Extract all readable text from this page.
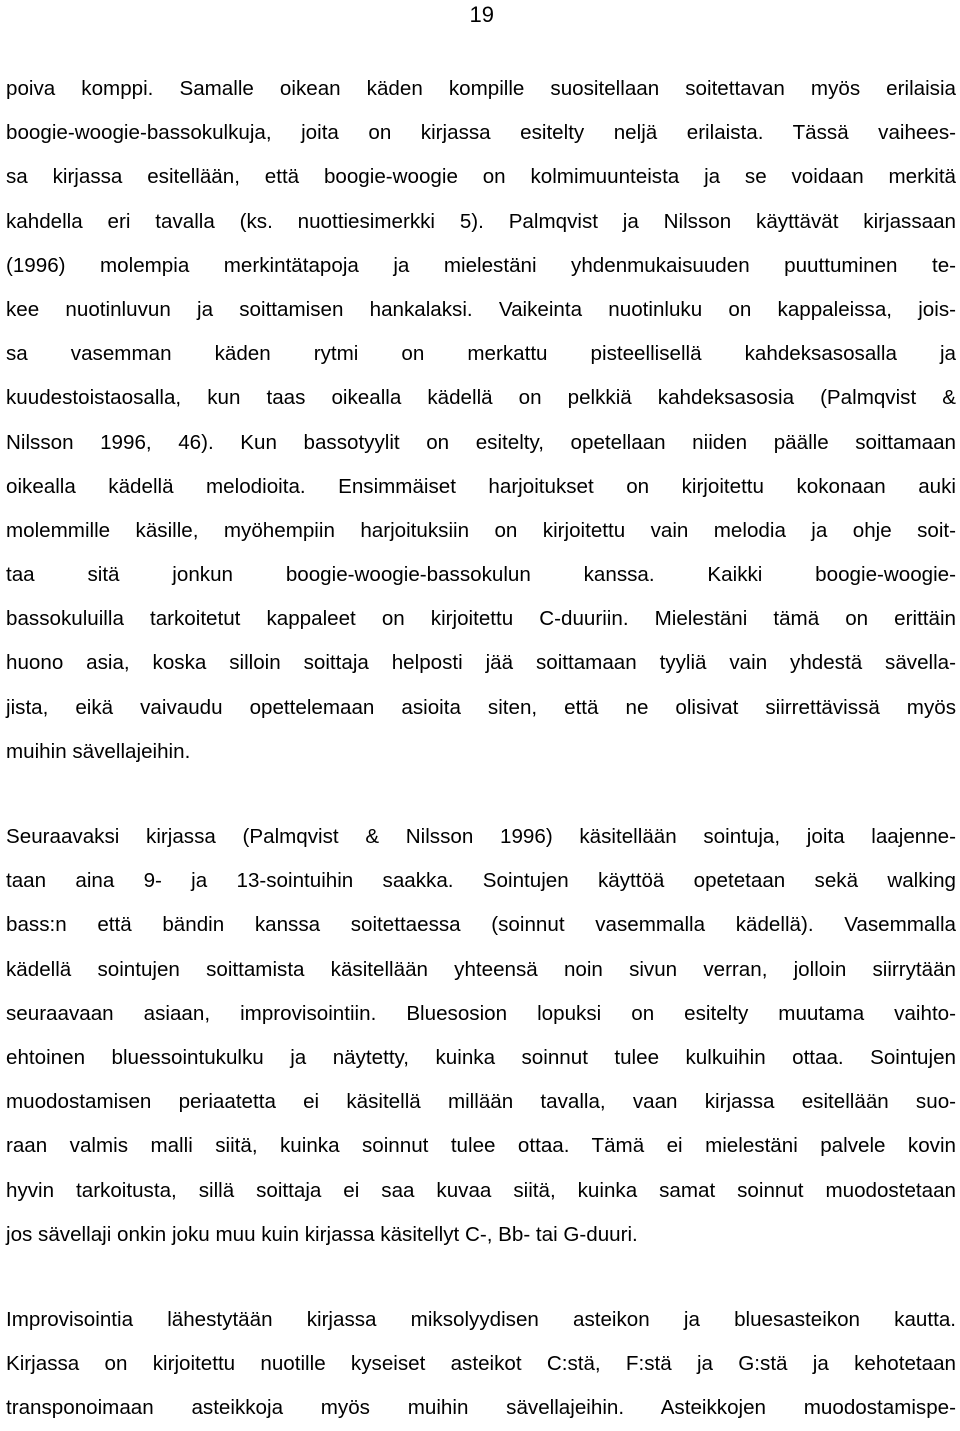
19
poiva komppi. Samalle oikean käden kompille suositellaan soitettavan myös erilaisia
boogie-woogie-bassokulkuja, joita on kirjassa esitelty neljä erilaista. Tässä vaihees-
sa kirjassa esitellään, että boogie-woogie on kolmimuunteista ja se voidaan merkitä
kahdella eri tavalla (ks. nuottiesimerkki 5). Palmqvist ja Nilsson käyttävät kirjassaan
(1996) molempia merkintätapoja ja mielestäni yhdenmukaisuuden puuttuminen te-
kee nuotinluvun ja soittamisen hankalaksi. Vaikeinta nuotinluku on kappaleissa, jois-
sa vasemman käden rytmi on merkattu pisteellisellä kahdeksasosalla ja
kuudestoistaosalla, kun taas oikealla kädellä on pelkkiä kahdeksasosia (Palmqvist &
Nilsson 1996, 46). Kun bassotyylit on esitelty, opetellaan niiden päälle soittamaan
oikealla kädellä melodioita. Ensimmäiset harjoitukset on kirjoitettu kokonaan auki
molemmille käsille, myöhempiin harjoituksiin on kirjoitettu vain melodia ja ohje soit-
taa sitä jonkun boogie-woogie-bassokulun kanssa. Kaikki boogie-woogie-
bassokuluilla tarkoitetut kappaleet on kirjoitettu C-duuriin. Mielestäni tämä on erittäin
huono asia, koska silloin soittaja helposti jää soittamaan tyyliä vain yhdestä sävella-
jista, eikä vaivaudu opettelemaan asioita siten, että ne olisivat siirrettävissä myös
muihin sävellajeihin.
Seuraavaksi kirjassa (Palmqvist & Nilsson 1996) käsitellään sointuja, joita laajenne-
taan aina 9- ja 13-sointuihin saakka. Sointujen käyttöä opetetaan sekä walking
bass:n että bändin kanssa soitettaessa (soinnut vasemmalla kädellä). Vasemmalla
kädellä sointujen soittamista käsitellään yhteensä noin sivun verran, jolloin siirrytään
seuraavaan asiaan, improvisointiin. Bluesosion lopuksi on esitelty muutama vaihto-
ehtoinen bluessointukulku ja näytetty, kuinka soinnut tulee kulkuihin ottaa. Sointujen
muodostamisen periaatetta ei käsitellä millään tavalla, vaan kirjassa esitellään suo-
raan valmis malli siitä, kuinka soinnut tulee ottaa. Tämä ei mielestäni palvele kovin
hyvin tarkoitusta, sillä soittaja ei saa kuvaa siitä, kuinka samat soinnut muodostetaan
jos sävellaji onkin joku muu kuin kirjassa käsitellyt C-, Bb- tai G-duuri.
Improvisointia lähestytään kirjassa miksolyydisen asteikon ja bluesasteikon kautta.
Kirjassa on kirjoitettu nuotille kyseiset asteikot C:stä, F:stä ja G:stä ja kehotetaan
transponoimaan asteikkoja myös muihin sävellajeihin. Asteikkojen muodostamispe-
